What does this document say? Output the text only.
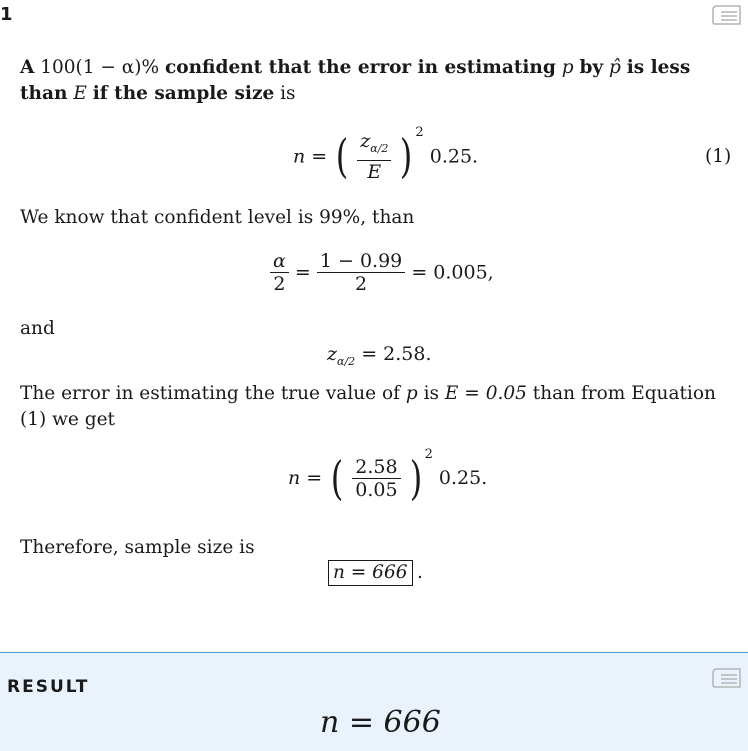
1
A 100(1 − α)% confident that the error in estimating p by p̂ is less than E if the sample size is
n = ( $\frac{z_{\alpha/2}}{E}$ ) $^2$ 0.25.	(1)
We know that confident level is 99%, than
$\frac{\alpha}{2} = \frac{1 - 0.99}{2} = 0.005$,
and
$z_{\alpha/2} = 2.58$.
The error in estimating the true value of p is E = 0.05 than from Equation (1) we get
n = ( $\frac{2.58}{0.05}$ ) $^2$ 0.25.
Therefore, sample size is
n = 666 .
RESULT
n = 666
